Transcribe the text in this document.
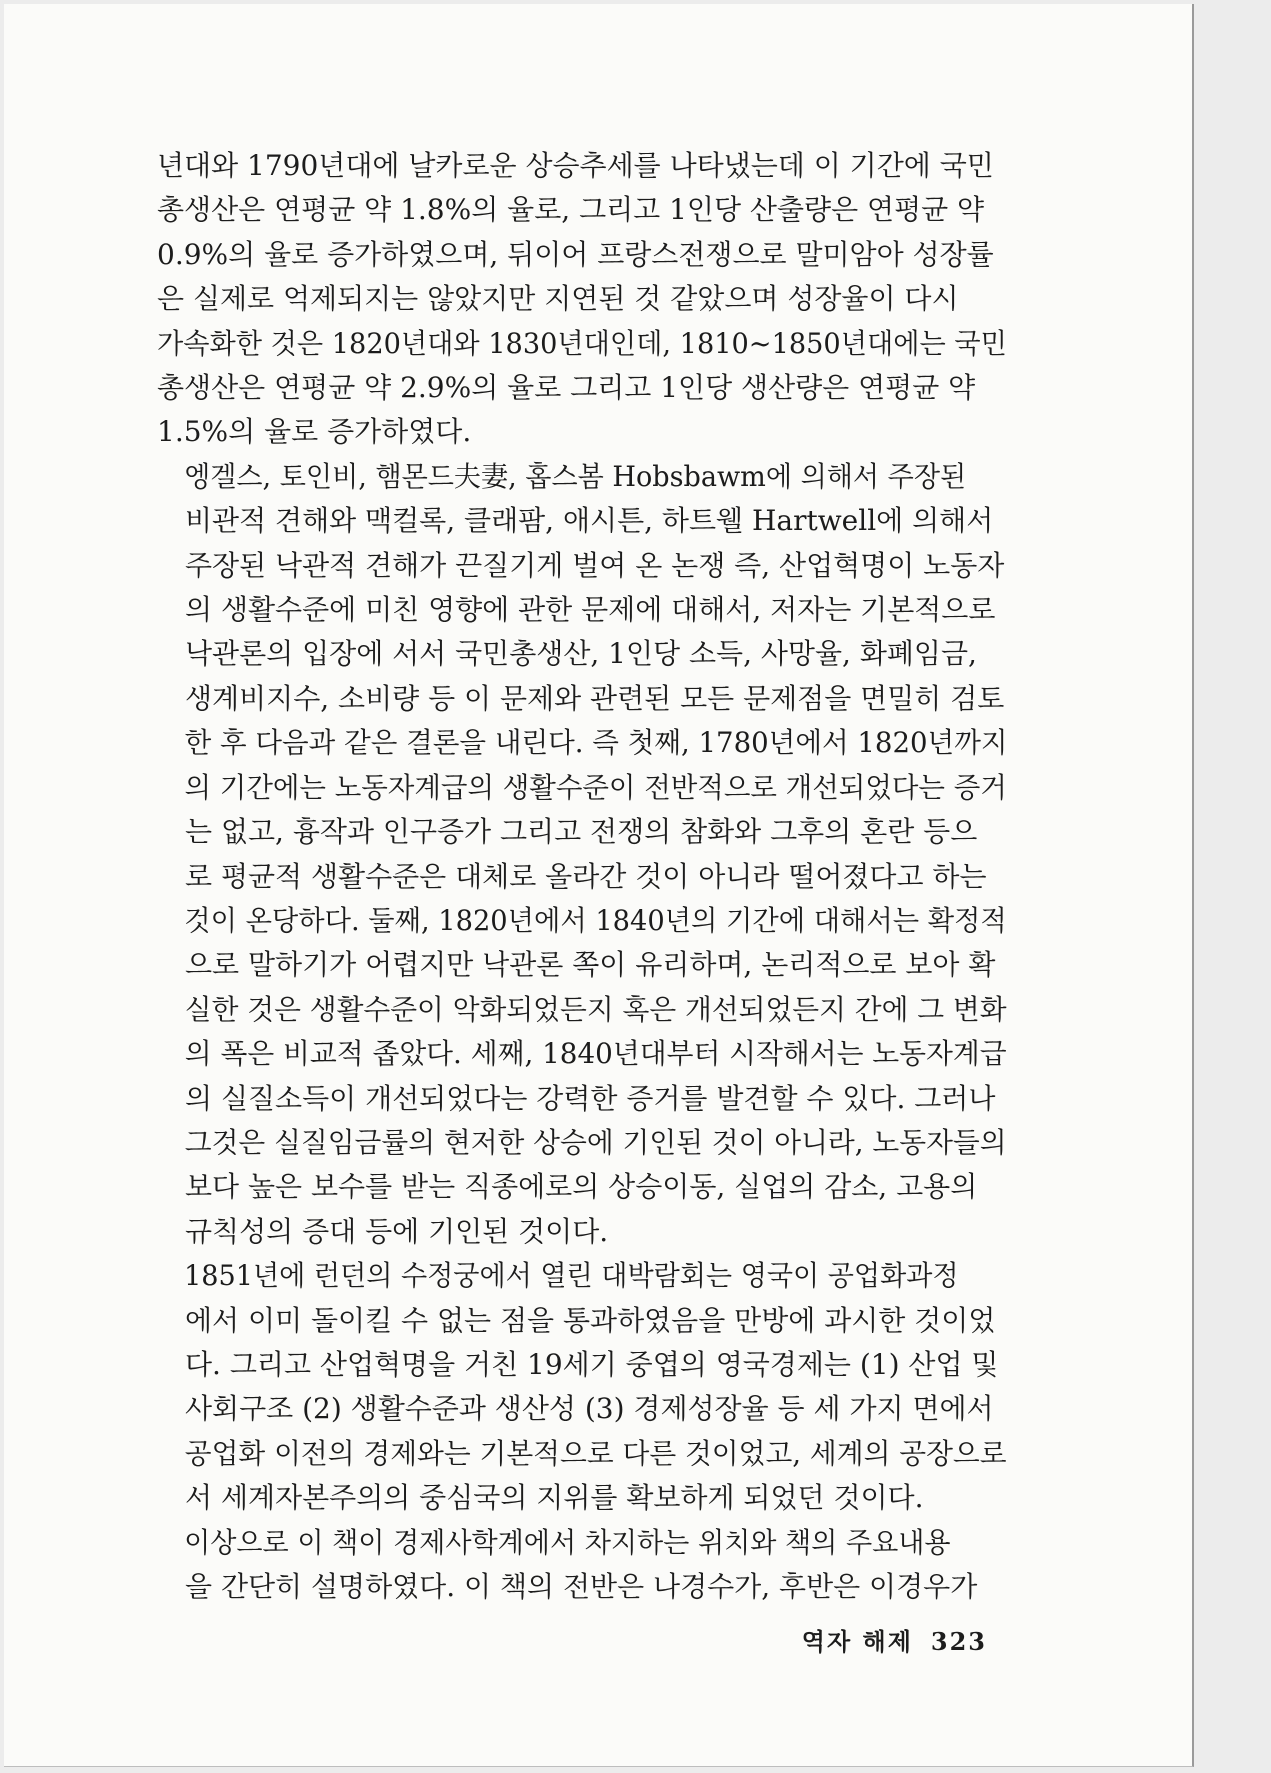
년대와 1790년대에 날카로운 상승추세를 나타냈는데 이 기간에 국민
총생산은 연평균 약 1.8%의 율로, 그리고 1인당 산출량은 연평균 약
0.9%의 율로 증가하였으며, 뒤이어 프랑스전쟁으로 말미암아 성장률
은 실제로 억제되지는 않았지만 지연된 것 같았으며 성장율이 다시
가속화한 것은 1820년대와 1830년대인데, 1810~1850년대에는 국민
총생산은 연평균 약 2.9%의 율로 그리고 1인당 생산량은 연평균 약
1.5%의 율로 증가하였다.

엥겔스, 토인비, 햄몬드夫妻, 홉스봄 Hobsbawm에 의해서 주장된
비관적 견해와 맥컬록, 클래팜, 애시튼, 하트웰 Hartwell에 의해서
주장된 낙관적 견해가 끈질기게 벌여 온 논쟁 즉, 산업혁명이 노동자
의 생활수준에 미친 영향에 관한 문제에 대해서, 저자는 기본적으로
낙관론의 입장에 서서 국민총생산, 1인당 소득, 사망율, 화폐임금,
생계비지수, 소비량 등 이 문제와 관련된 모든 문제점을 면밀히 검토
한 후 다음과 같은 결론을 내린다. 즉 첫째, 1780년에서 1820년까지
의 기간에는 노동자계급의 생활수준이 전반적으로 개선되었다는 증거
는 없고, 흉작과 인구증가 그리고 전쟁의 참화와 그후의 혼란 등으
로 평균적 생활수준은 대체로 올라간 것이 아니라 떨어졌다고 하는
것이 온당하다. 둘째, 1820년에서 1840년의 기간에 대해서는 확정적
으로 말하기가 어렵지만 낙관론 쪽이 유리하며, 논리적으로 보아 확
실한 것은 생활수준이 악화되었든지 혹은 개선되었든지 간에 그 변화
의 폭은 비교적 좁았다. 세째, 1840년대부터 시작해서는 노동자계급
의 실질소득이 개선되었다는 강력한 증거를 발견할 수 있다. 그러나
그것은 실질임금률의 현저한 상승에 기인된 것이 아니라, 노동자들의
보다 높은 보수를 받는 직종에로의 상승이동, 실업의 감소, 고용의
규칙성의 증대 등에 기인된 것이다.

1851년에 런던의 수정궁에서 열린 대박람회는 영국이 공업화과정
에서 이미 돌이킬 수 없는 점을 통과하였음을 만방에 과시한 것이었
다. 그리고 산업혁명을 거친 19세기 중엽의 영국경제는 (1) 산업 및
사회구조 (2) 생활수준과 생산성 (3) 경제성장율 등 세 가지 면에서
공업화 이전의 경제와는 기본적으로 다른 것이었고, 세계의 공장으로
서 세계자본주의의 중심국의 지위를 확보하게 되었던 것이다.

이상으로 이 책이 경제사학계에서 차지하는 위치와 책의 주요내용
을 간단히 설명하였다. 이 책의 전반은 나경수가, 후반은 이경우가

역자 해제 323
